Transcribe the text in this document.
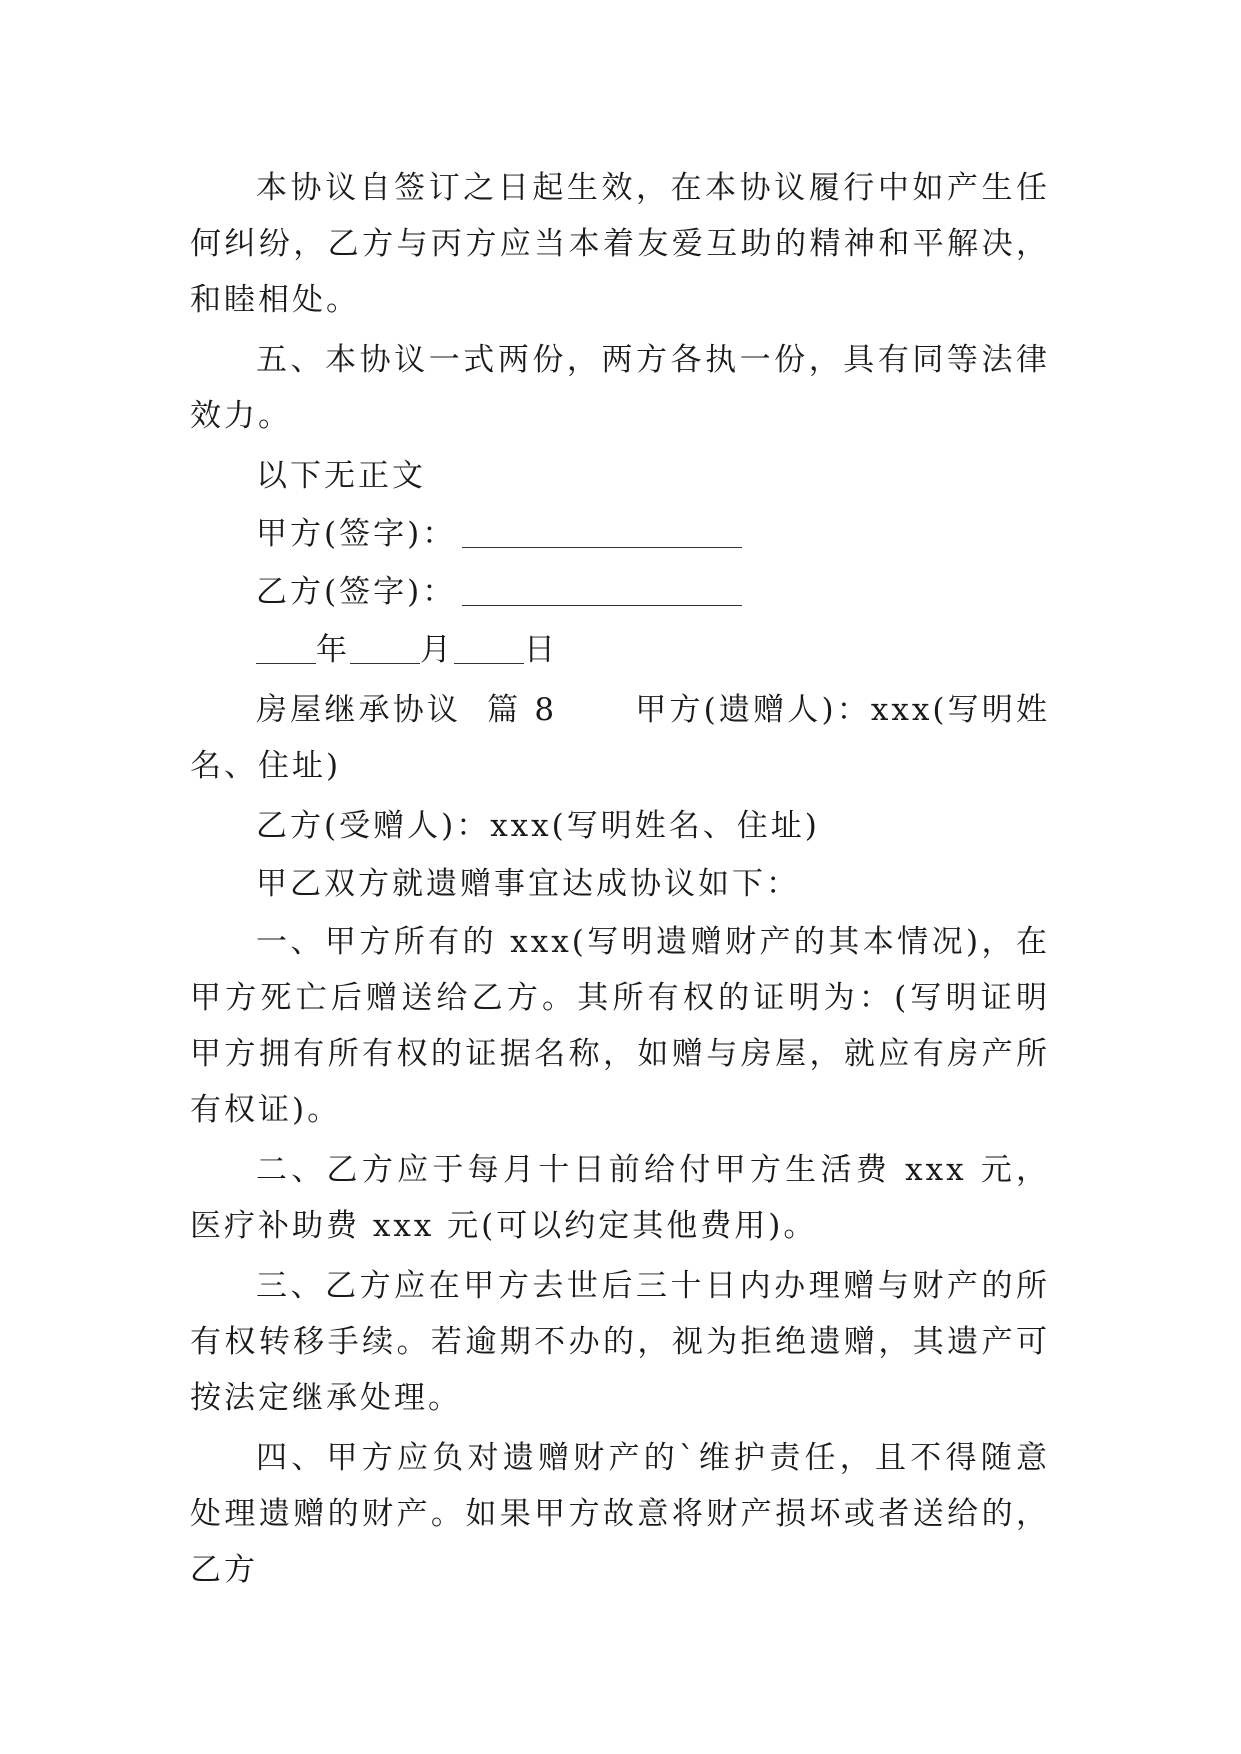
本协议自签订之日起生效，在本协议履行中如产生任何纠纷，乙方与丙方应当本着友爱互助的精神和平解决，和睦相处。

五、本协议一式两份，两方各执一份，具有同等法律效力。

以下无正文

甲方(签字)：

乙方(签字)：

年 月 日

房屋继承协议  篇 8      甲方(遗赠人)：xxx(写明姓名、住址)

乙方(受赠人)：xxx(写明姓名、住址)

甲乙双方就遗赠事宜达成协议如下：

一、甲方所有的 xxx(写明遗赠财产的其本情况)，在甲方死亡后赠送给乙方。其所有权的证明为：(写明证明甲方拥有所有权的证据名称，如赠与房屋，就应有房产所有权证)。

二、乙方应于每月十日前给付甲方生活费 xxx 元，医疗补助费 xxx 元(可以约定其他费用)。

三、乙方应在甲方去世后三十日内办理赠与财产的所有权转移手续。若逾期不办的，视为拒绝遗赠，其遗产可按法定继承处理。

四、甲方应负对遗赠财产的`维护责任，且不得随意处理遗赠的财产。如果甲方故意将财产损坏或者送给的，乙方
